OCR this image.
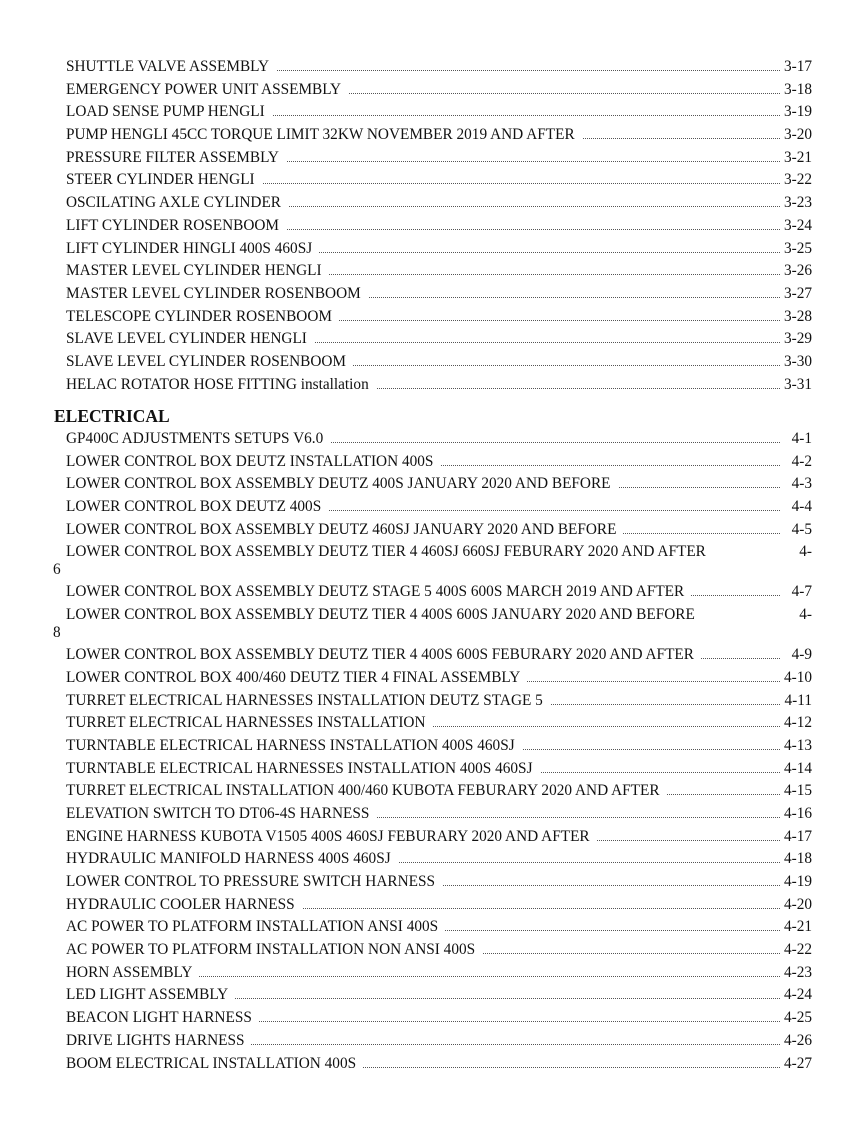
SHUTTLE VALVE ASSEMBLY	3-17
EMERGENCY POWER UNIT ASSEMBLY	3-18
LOAD SENSE PUMP HENGLI	3-19
PUMP HENGLI 45CC TORQUE LIMIT 32KW NOVEMBER 2019 AND AFTER	3-20
PRESSURE FILTER ASSEMBLY	3-21
STEER CYLINDER HENGLI	3-22
OSCILATING AXLE CYLINDER	3-23
LIFT CYLINDER ROSENBOOM	3-24
LIFT CYLINDER HINGLI 400S 460SJ	3-25
MASTER LEVEL CYLINDER HENGLI	3-26
MASTER LEVEL CYLINDER ROSENBOOM	3-27
TELESCOPE CYLINDER ROSENBOOM	3-28
SLAVE LEVEL CYLINDER HENGLI	3-29
SLAVE LEVEL CYLINDER ROSENBOOM	3-30
HELAC ROTATOR HOSE FITTING installation	3-31
ELECTRICAL
GP400C ADJUSTMENTS SETUPS V6.0	4-1
LOWER CONTROL BOX DEUTZ INSTALLATION 400S	4-2
LOWER CONTROL BOX ASSEMBLY DEUTZ 400S JANUARY 2020 AND BEFORE	4-3
LOWER CONTROL BOX DEUTZ 400S	4-4
LOWER CONTROL BOX ASSEMBLY DEUTZ 460SJ JANUARY 2020 AND BEFORE	4-5
LOWER CONTROL BOX ASSEMBLY DEUTZ TIER 4 460SJ 660SJ FEBURARY 2020 AND AFTER	4-
6
LOWER CONTROL BOX ASSEMBLY DEUTZ STAGE 5 400S 600S MARCH 2019 AND AFTER	4-7
LOWER CONTROL BOX ASSEMBLY DEUTZ TIER 4 400S 600S JANUARY 2020 AND BEFORE	4-
8
LOWER CONTROL BOX ASSEMBLY DEUTZ TIER 4 400S 600S FEBURARY 2020 AND AFTER	4-9
LOWER CONTROL BOX 400/460 DEUTZ TIER 4 FINAL ASSEMBLY	4-10
TURRET ELECTRICAL HARNESSES INSTALLATION DEUTZ STAGE 5	4-11
TURRET ELECTRICAL HARNESSES INSTALLATION	4-12
TURNTABLE ELECTRICAL HARNESS INSTALLATION 400S 460SJ	4-13
TURNTABLE ELECTRICAL HARNESSES INSTALLATION 400S 460SJ	4-14
TURRET ELECTRICAL INSTALLATION 400/460 KUBOTA FEBURARY 2020 AND AFTER	4-15
ELEVATION SWITCH TO DT06-4S HARNESS	4-16
ENGINE HARNESS KUBOTA V1505 400S 460SJ FEBURARY 2020 AND AFTER	4-17
HYDRAULIC MANIFOLD HARNESS 400S 460SJ	4-18
LOWER CONTROL TO PRESSURE SWITCH HARNESS	4-19
HYDRAULIC COOLER HARNESS	4-20
AC POWER TO PLATFORM INSTALLATION ANSI 400S	4-21
AC POWER TO PLATFORM INSTALLATION NON ANSI 400S	4-22
HORN ASSEMBLY	4-23
LED LIGHT ASSEMBLY	4-24
BEACON LIGHT HARNESS	4-25
DRIVE LIGHTS HARNESS	4-26
BOOM ELECTRICAL INSTALLATION 400S	4-27
